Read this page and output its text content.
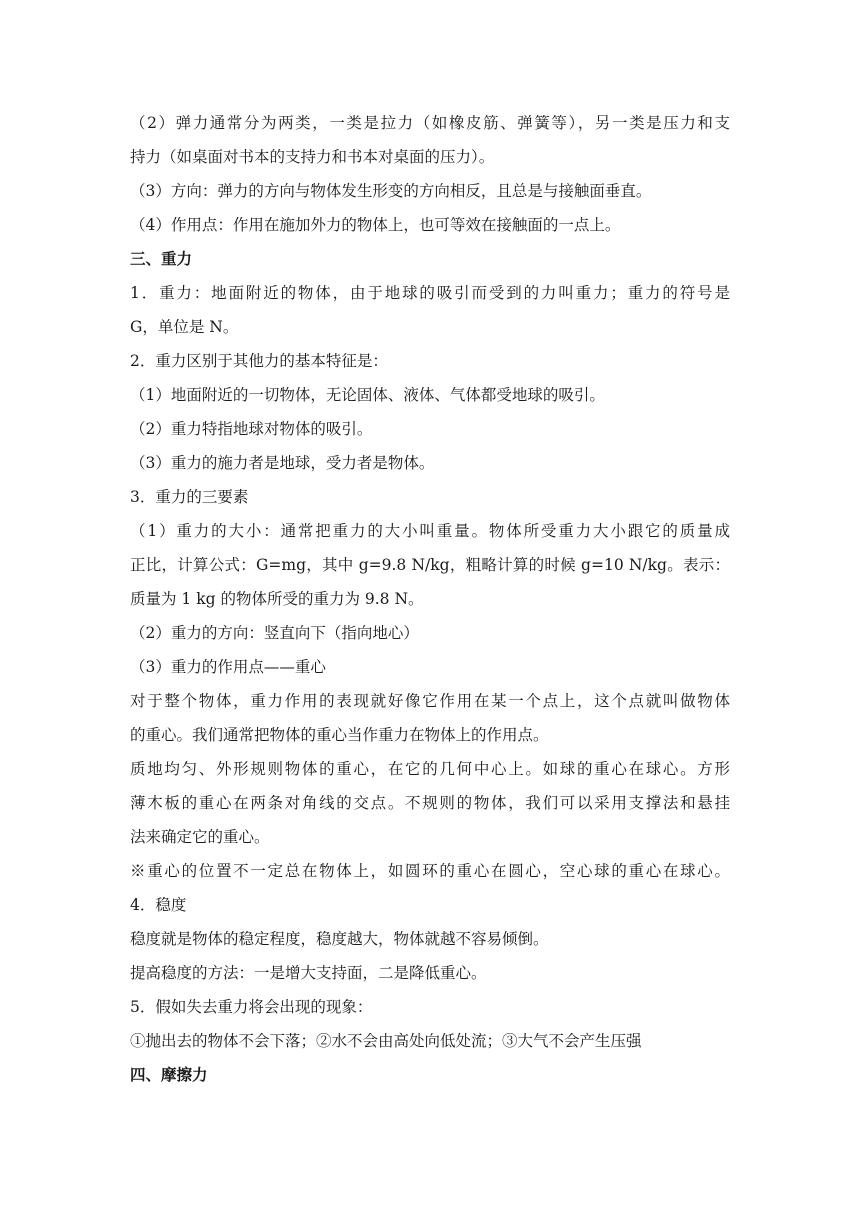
（2）弹力通常分为两类，一类是拉力（如橡皮筋、弹簧等），另一类是压力和支
持力（如桌面对书本的支持力和书本对桌面的压力）。
（3）方向：弹力的方向与物体发生形变的方向相反，且总是与接触面垂直。
（4）作用点：作用在施加外力的物体上，也可等效在接触面的一点上。
三、重力
1．重力：地面附近的物体，由于地球的吸引而受到的力叫重力；重力的符号是
G，单位是 N。
2．重力区别于其他力的基本特征是：
（1）地面附近的一切物体，无论固体、液体、气体都受地球的吸引。
（2）重力特指地球对物体的吸引。
（3）重力的施力者是地球，受力者是物体。
3．重力的三要素
（1）重力的大小：通常把重力的大小叫重量。物体所受重力大小跟它的质量成
正比，计算公式：G=mg，其中 g=9.8 N/kg，粗略计算的时候 g=10 N/kg。表示：
质量为 1 kg 的物体所受的重力为 9.8 N。
（2）重力的方向：竖直向下（指向地心）
（3）重力的作用点——重心
对于整个物体，重力作用的表现就好像它作用在某一个点上，这个点就叫做物体
的重心。我们通常把物体的重心当作重力在物体上的作用点。
质地均匀、外形规则物体的重心，在它的几何中心上。如球的重心在球心。方形
薄木板的重心在两条对角线的交点。不规则的物体，我们可以采用支撑法和悬挂
法来确定它的重心。
※重心的位置不一定总在物体上，如圆环的重心在圆心，空心球的重心在球心。
4．稳度
稳度就是物体的稳定程度，稳度越大，物体就越不容易倾倒。
提高稳度的方法：一是增大支持面，二是降低重心。
5．假如失去重力将会出现的现象：
①抛出去的物体不会下落；②水不会由高处向低处流；③大气不会产生压强
四、摩擦力
